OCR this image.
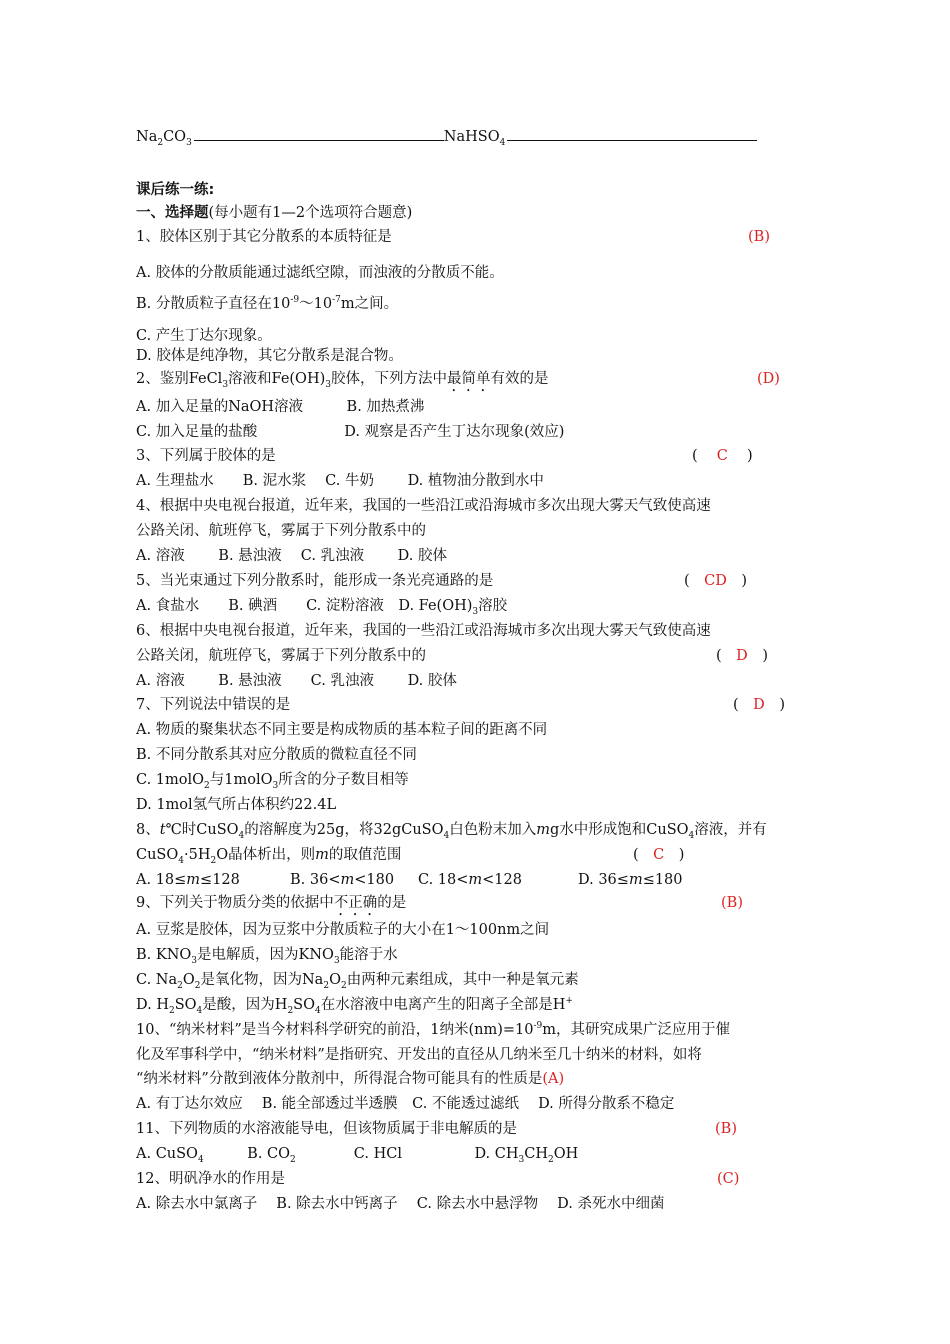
$Na_2CO_3$	NaHSO$_4$
课后练一练:
一、选择题(每小题有1—2个选项符合题意)
1、胶体区别于其它分散系的本质特征是	(B)
A. 胶体的分散质能通过滤纸空隙，而浊液的分散质不能。
B. 分散质粒子直径在$10^{-9}\sim 10^{-7}m$之间。
C. 产生丁达尔现象。
D. 胶体是纯净物，其它分散系是混合物。
2、鉴别FeCl$_3$溶液和$Fe(OH)_3$胶体，下列方法中最简单有效的是	(D)
A. 加入足量的NaOH溶液　　　B. 加热煮沸
C. 加入足量的盐酸　　　　　　D. 观察是否产生丁达尔现象(效应)
3、下列属于胶体的是	(　 C　 )
A. 生理盐水　　B. 泥水浆　 C. 牛奶　　 D. 植物油分散到水中
4、根据中央电视台报道，近年来，我国的一些沿江或沿海城市多次出现大雾天气致使高速
公路关闭、航班停飞，雾属于下列分散系中的
A. 溶液　　 B. 悬浊液　 C. 乳浊液　　 D. 胶体
5、当光束通过下列分散系时，能形成一条光亮通路的是	(　 CD　 )
A. 食盐水　　B. 碘酒　　C. 淀粉溶液　D. $Fe(OH)_3$溶胶
6、根据中央电视台报道，近年来，我国的一些沿江或沿海城市多次出现大雾天气致使高速
公路关闭，航班停飞，雾属于下列分散系中的	(　 D　 )
A. 溶液　　 B. 悬浊液　　C. 乳浊液　　 D. 胶体
7、下列说法中错误的是	(　 D　 )
A. 物质的聚集状态不同主要是构成物质的基本粒子间的距离不同
B. 不同分散系其对应分散质的微粒直径不同
C. 1molO$_2$与1molO$_3$所含的分子数目相等
D. 1mol氢气所占体积约22.4L
8、t℃时CuSO$_4$的溶解度为25g，将32gCuSO$_4$白色粉末加入mg水中形成饱和CuSO$_4$溶液，并有
$CuSO_4\cdot 5H_2O$晶体析出，则m的取值范围	(　 C　 )
A. 18≤m≤128	B. 36<m<180 C. 18<m<128	D. 36≤m≤180
9、下列关于物质分类的依据中不正确的是	(B)
A. 豆浆是胶体，因为豆浆中分散质粒子的大小在1～100nm之间
B. $KNO_3$是电解质，因为$KNO_3$能溶于水
C. $Na_2O_2$是氧化物，因为$Na_2O_2$由两种元素组成，其中一种是氧元素
D. $H_2SO_4$是酸，因为$H_2SO_4$在水溶液中电离产生的阳离子全部是H+
10、“纳米材料”是当今材料科学研究的前沿，1纳米$(nm)=10^{-9}m$，其研究成果广泛应用于催
化及军事科学中，“纳米材料”是指研究、开发出的直径从几纳米至几十纳米的材料，如将
“纳米材料”分散到液体分散剂中，所得混合物可能具有的性质是(A)
A. 有丁达尔效应　 B. 能全部透过半透膜　C. 不能透过滤纸　 D. 所得分散系不稳定
11、下列物质的水溶液能导电，但该物质属于非电解质的是	(B)
A. CuSO$_4$　　　B. $CO_2$　　　　C. HCl　　　　　D. $CH_3CH_2OH$
12、明矾净水的作用是	(C)
A. 除去水中氯离子　 B. 除去水中钙离子　 C. 除去水中悬浮物　 D. 杀死水中细菌
